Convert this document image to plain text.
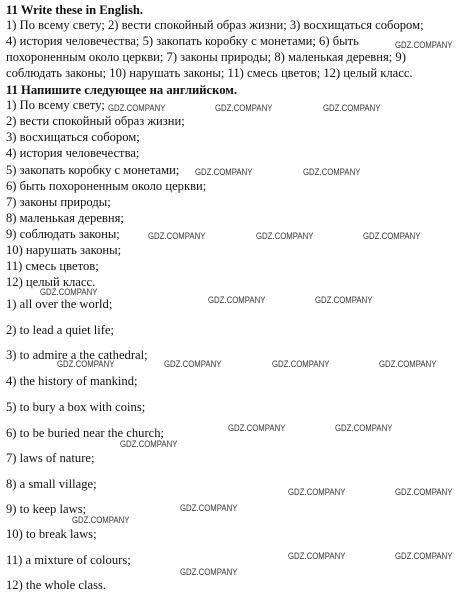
11 Write these in English.
1) По всему свету; 2) вести спокойный образ жизни; 3) восхищаться собором;
4) история человечества; 5) закопать коробку с монетами; 6) быть
похороненным около церкви; 7) законы природы; 8) маленькая деревня; 9)
соблюдать законы; 10) нарушать законы; 11) смесь цветов; 12) целый класс.
11 Напишите следующее на английском.
1) По всему свету;
2) вести спокойный образ жизни;
3) восхищаться собором;
4) история человечества;
5) закопать коробку с монетами;
6) быть похороненным около церкви;
7) законы природы;
8) маленькая деревня;
9) соблюдать законы;
10) нарушать законы;
11) смесь цветов;
12) целый класс.
1) all over the world;
2) to lead a quiet life;
3) to admire a the cathedral;
4) the history of mankind;
5) to bury a box with coins;
6) to be buried near the church;
7) laws of nature;
8) a small village;
9) to keep laws;
10) to break laws;
11) a mixture of colours;
12) the whole class.
GDZ.COMPANY
GDZ.COMPANY	GDZ.COMPANY	GDZ.COMPANY
GDZ.COMPANY	GDZ.COMPANY
GDZ.COMPANY	GDZ.COMPANY	GDZ.COMPANY
GDZ.COMPANY
GDZ.COMPANY	GDZ.COMPANY
GDZ.COMPANY	GDZ.COMPANY	GDZ.COMPANY	GDZ.COMPANY
GDZ.COMPANY	GDZ.COMPANY
GDZ.COMPANY
GDZ.COMPANY	GDZ.COMPANY
GDZ.COMPANY
GDZ.COMPANY
GDZ.COMPANY	GDZ.COMPANY
GDZ.COMPANY
